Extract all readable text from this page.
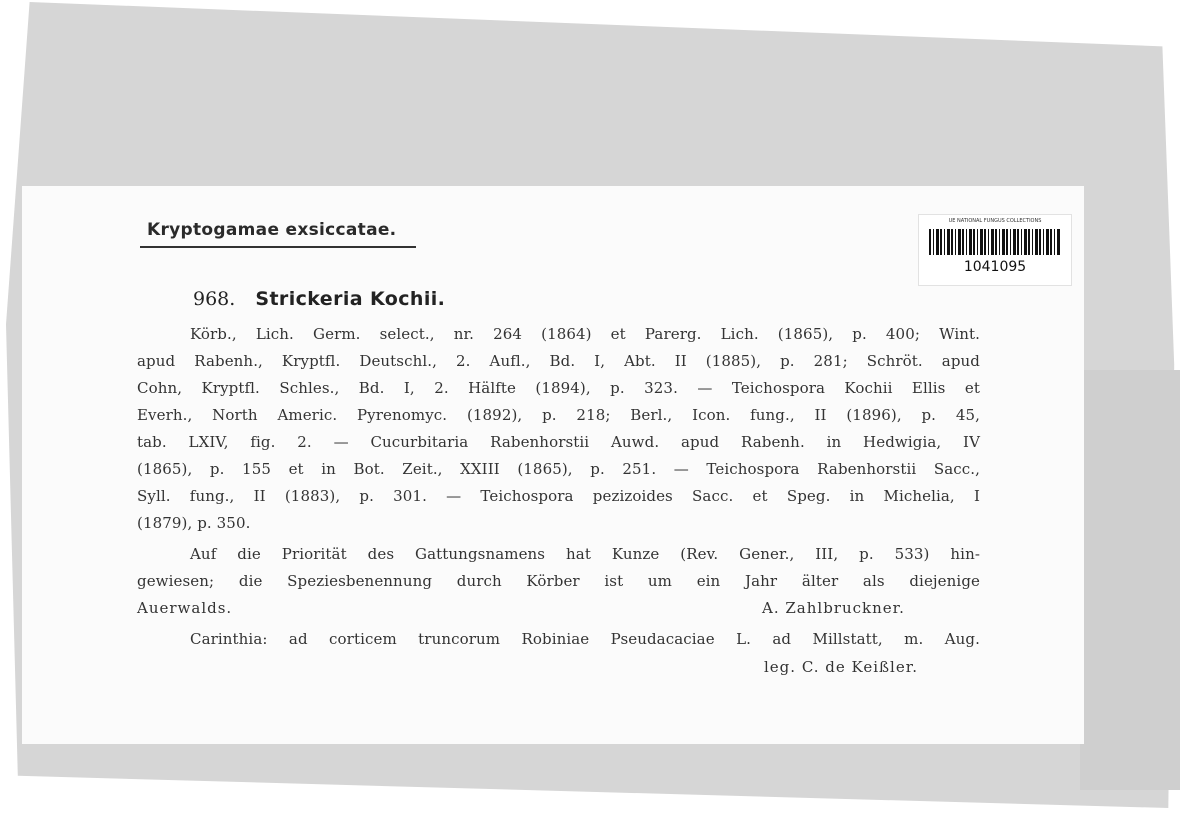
Kryptogamae exsiccatae.	UE NATIONAL FUNGUS COLLECTIONS
1041095
968. Strickeria Kochii.
Körb., Lich. Germ. select., nr. 264 (1864) et Parerg. Lich. (1865), p. 400; Wint.
apud Rabenh., Kryptfl. Deutschl., 2. Aufl., Bd. I, Abt. II (1885), p. 281; Schröt. apud
Cohn, Kryptfl. Schles., Bd. I, 2. Hälfte (1894), p. 323. — Teichospora Kochii Ellis et
Everh., North Americ. Pyrenomyc. (1892), p. 218; Berl., Icon. fung., II (1896), p. 45,
tab. LXIV, fig. 2. — Cucurbitaria Rabenhorstii Auwd. apud Rabenh. in Hedwigia, IV
(1865), p. 155 et in Bot. Zeit., XXIII (1865), p. 251. — Teichospora Rabenhorstii Sacc.,
Syll. fung., II (1883), p. 301. — Teichospora pezizoides Sacc. et Speg. in Michelia, I
(1879), p. 350.
Auf die Priorität des Gattungsnamens hat Kunze (Rev. Gener., III, p. 533) hin-
gewiesen; die Speziesbenennung durch Körber ist um ein Jahr älter als diejenige
Auerwalds.	A. Zahlbruckner.
Carinthia: ad corticem truncorum Robiniae Pseudacaciae L. ad Millstatt, m. Aug.
leg. C. de Keißler.
